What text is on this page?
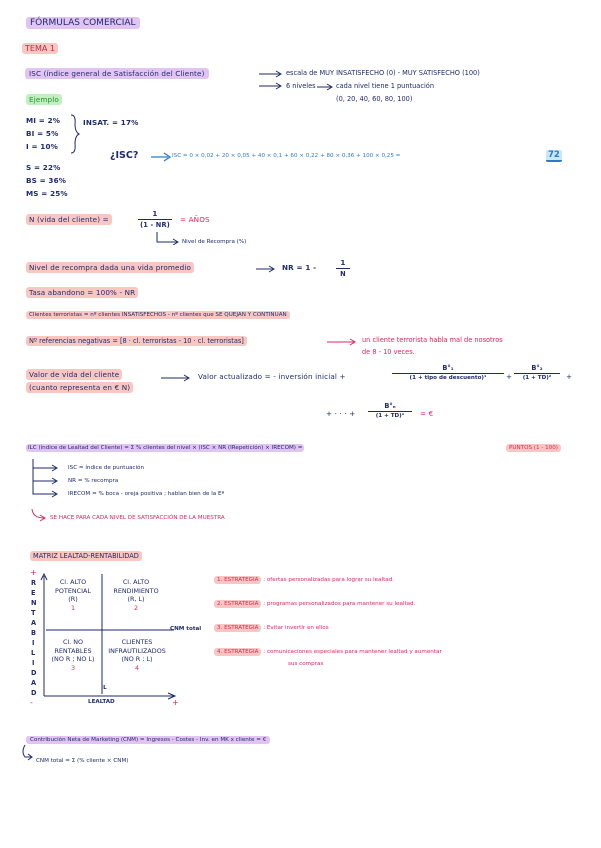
FÓRMULAS COMERCIAL
TEMA 1
ISC (índice general de Satisfacción del Cliente)	escala de MUY INSATISFECHO (0) - MUY SATISFECHO (100)
6 niveles	cada nivel tiene 1 puntuación
(0, 20, 40, 60, 80, 100)
Ejemplo
MI = 2%
BI = 5%
I = 10%
INSAT. = 17%
S = 22%
BS = 36%
MS = 25%
¿ISC?	ISC = 0 × 0,02 + 20 × 0,05 + 40 × 0,1 + 60 × 0,22 + 80 × 0,36 + 100 × 0,25 =	72
N (vida del cliente) =	$\frac{1}{(1 - NR)}$ = AÑOS
Nivel de Recompra (%)
Nivel de recompra dada una vida promedio	NR = 1 -	$\frac{1}{N}$
Tasa abandono = 100% - NR
Clientes terroristas = nº clientes INSATISFECHOS - nº clientes que SE QUEJAN Y CONTINUAN
Nº referencias negativas = [8 · cl. terroristas - 10 · cl. terroristas]	un cliente terrorista habla mal de nosotros
de 8 - 10 veces.
Valor de vida del cliente
(cuanto representa en € N)
Valor actualizado = - inversión inicial +
B°₁
(1 + tipo de descuento)¹	+ $\frac{\text{B°₂}}{\text{(1 + TD)²}}$ +
+ · · · + $\frac{\text{B°ₙ}}{\text{(1 + TD)ⁿ}}$ = €
ILC (índice de Lealtad del Cliente) = Σ % clientes del nivel × (ISC × NR (IRepetición) × IRECOM) =	PUNTOS (1 - 100)
ISC = índice de puntuación
NR = % recompra
IRECOM = % boca - oreja positiva ; hablan bien de la Eª
SE HACE PARA CADA NIVEL DE SATISFACCIÓN DE LA MUESTRA
MATRIZ LEALTAD-RENTABILIDAD
+
-	+
R
E
N
T
A
B
I
L
I
D
A
D
Cl. ALTO
POTENCIAL
(R)
1
Cl. ALTO
RENDIMIENTO
(R, L)
2
Cl. NO
RENTABLES
(NO R ; NO L)
3
CLIENTES
INFRAUTILIZADOS
(NO R ; L)
4
CNM total
IL
LEALTAD
1. ESTRATEGIA : ofertas personalizadas para lograr su lealtad.
2. ESTRATEGIA : programas personalizados para mantener su lealtad.
3. ESTRATEGIA : Evitar invertir en ellos
4. ESTRATEGIA : comunicaciones especiales para mantener lealtad y aumentar
sus compras
Contribución Neta de Marketing (CNM) = Ingresos - Costes - Inv. en MK x cliente = €
CNM total = Σ (% cliente × CNM)
